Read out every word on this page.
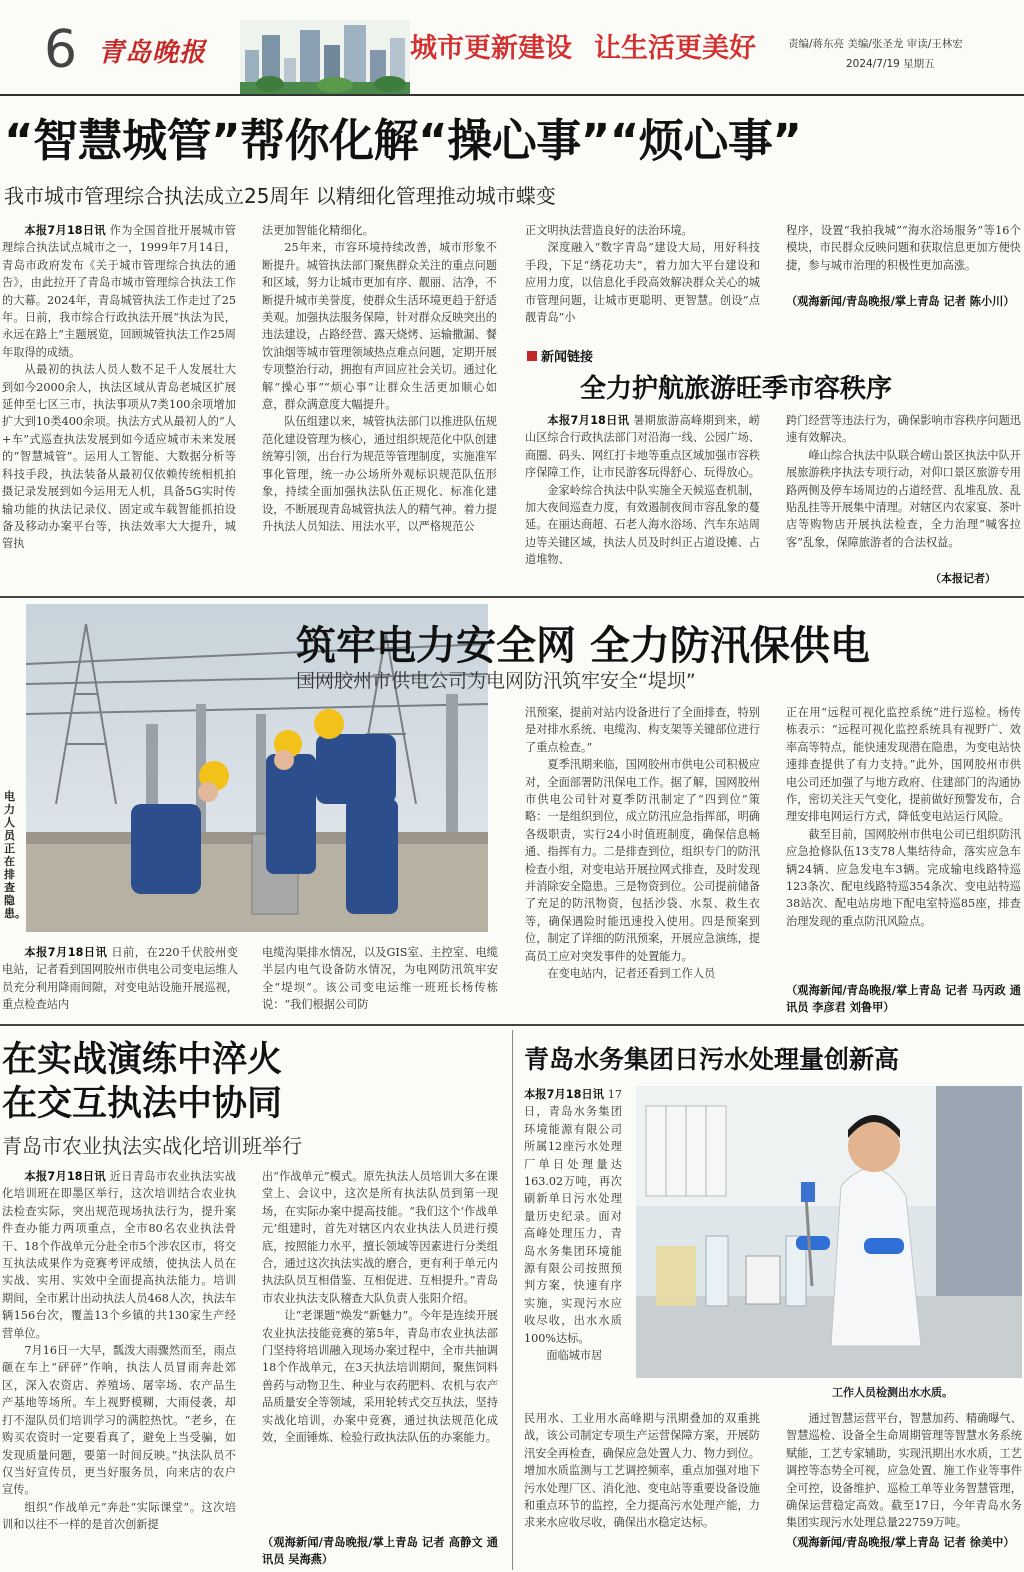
6 青岛晚报	城市更新建设 让生活更美好	责编/蒋东亮 美编/张圣龙 审读/王林宏
2024/7/19 星期五
“智慧城管”帮你化解“操心事”“烦心事”
我市城市管理综合执法成立25周年 以精细化管理推动城市蝶变

本报7月18日讯 作为全国首批开展城市管理综合执法试点城市之一，1999年7月14日，青岛市政府发布《关于城市管理综合执法的通告》，由此拉开了青岛市城市管理综合执法工作的大幕。2024年，青岛城管执法工作走过了25年。日前，我市综合行政执法开展“执法为民，永远在路上”主题展览，回顾城管执法工作25周年取得的成绩。

从最初的执法人员人数不足千人发展壮大到如今2000余人，执法区域从青岛老城区扩展延伸至七区三市，执法事项从7类100余项增加扩大到10类400余项。执法方式从最初人的“人+车”式巡查执法发展到如今适应城市未来发展的“智慧城管”。运用人工智能、大数据分析等科技手段，执法装备从最初仅依赖传统相机拍摄记录发展到如今运用无人机，具备5G实时传输功能的执法记录仪、固定或车载智能抓拍设备及移动办案平台等，执法效率大大提升，城管执

法更加智能化精细化。

25年来，市容环境持续改善，城市形象不断提升。城管执法部门聚焦群众关注的重点问题和区域，努力让城市更加有序、靓丽、洁净，不断提升城市美誉度，使群众生活环境更趋于舒适美观。加强执法服务保障，针对群众反映突出的违法建设，占路经营、露天烧烤、运输撒漏、餐饮油烟等城市管理领域热点难点问题，定期开展专项整治行动，拥抱有声回应社会关切。通过化解“操心事”“烦心事”让群众生活更加顺心如意，群众满意度大幅提升。

队伍组建以来，城管执法部门以推进队伍规范化建设管理为核心，通过组织规范化中队创建统筹引领，出台行为规范等管理制度，实施准军事化管理，统一办公场所外观标识规范队伍形象，持续全面加强执法队伍正规化、标准化建设，不断展现青岛城管执法人的精气神。着力提升执法人员知法、用法水平，以严格规范公

正文明执法营造良好的法治环境。

深度融入“数字青岛”建设大局，用好科技手段，下足“绣花功夫”，着力加大平台建设和应用力度，以信息化手段高效解决群众关心的城市管理问题，让城市更聪明、更智慧。创设“点靓青岛”小

程序，设置“我拍我城”“海水浴场服务”等16个模块，市民群众反映问题和获取信息更加方便快捷，参与城市治理的积极性更加高涨。

（观海新闻/青岛晚报/掌上青岛 记者 陈小川）
新闻链接
全力护航旅游旺季市容秩序

本报7月18日讯 暑期旅游高峰期到来，崂山区综合行政执法部门对沿海一线、公园广场、商圈、码头、网红打卡地等重点区域加强市容秩序保障工作，让市民游客玩得舒心、玩得放心。

金家岭综合执法中队实施全天候巡查机制，加大夜间巡查力度，有效遏制夜间市容乱象的蔓延。在丽达商超、石老人海水浴场、汽车东站周边等关键区域，执法人员及时纠正占道设摊、占道堆物、

跨门经营等违法行为，确保影响市容秩序问题迅速有效解决。

峰山综合执法中队联合崂山景区执法中队开展旅游秩序执法专项行动，对仰口景区旅游专用路两侧及停车场周边的占道经营、乱堆乱放、乱贴乱挂等开展集中清理。对辖区内农家宴、茶叶店等购物店开展执法检查，全力治理“喊客拉客”乱象，保障旅游者的合法权益。

（本报记者）
电力人员正在排查隐患。
筑牢电力安全网 全力防汛保供电
国网胶州市供电公司为电网防汛筑牢安全“堤坝”

本报7月18日讯 日前，在220千伏胶州变电站，记者看到国网胶州市供电公司变电运维人员充分利用降雨间隙，对变电站设施开展巡视，重点检查站内

电缆沟渠排水情况，以及GIS室、主控室、电缆半层内电气设备防水情况，为电网防汛筑牢安全“堤坝”。该公司变电运维一班班长杨传栋说：“我们根据公司防

汛预案，提前对站内设备进行了全面排查，特别是对排水系统、电缆沟、构支架等关键部位进行了重点检查。”

夏季汛期来临，国网胶州市供电公司积极应对，全面部署防汛保电工作。据了解，国网胶州市供电公司针对夏季防汛制定了“四到位”策略：一是组织到位，成立防汛应急指挥部，明确各级职责，实行24小时值班制度，确保信息畅通、指挥有力。二是排查到位，组织专门的防汛检查小组，对变电站开展拉网式排查，及时发现并消除安全隐患。三是物资到位。公司提前储备了充足的防汛物资，包括沙袋、水泵、救生衣等，确保遇险时能迅速投入使用。四是预案到位，制定了详细的防汛预案，开展应急演练，提高员工应对突发事件的处置能力。

在变电站内，记者还看到工作人员

正在用“远程可视化监控系统”进行巡检。杨传栋表示：“远程可视化监控系统具有视野广、效率高等特点，能快速发现潜在隐患，为变电站快速排查提供了有力支持。”此外，国网胶州市供电公司还加强了与地方政府、住建部门的沟通协作，密切关注天气变化，提前做好预警发布，合理安排电网运行方式，降低变电站运行风险。

截至目前，国网胶州市供电公司已组织防汛应急抢修队伍13支78人集结待命，落实应急车辆24辆、应急发电车3辆。完成输电线路特巡123条次、配电线路特巡354条次、变电站特巡38站次、配电站房地下配电室特巡85座，排查治理发现的重点防汛风险点。

（观海新闻/青岛晚报/掌上青岛 记者 马丙政 通讯员 李彦君 刘鲁甲）
在实战演练中淬火
在交互执法中协同
青岛市农业执法实战化培训班举行

本报7月18日讯 近日青岛市农业执法实战化培训班在即墨区举行，这次培训结合农业执法检查实际，突出规范现场执法行为，提升案件查办能力两项重点，全市80名农业执法骨干、18个作战单元分赴全市5个涉农区市，将交互执法成果作为竞赛考评成绩，使执法人员在实战、实用、实效中全面提高执法能力。培训期间，全市累计出动执法人员468人次，执法车辆156台次，覆盖13个乡镇的共130家生产经营单位。

7月16日一大早，瓢泼大雨骤然而至，雨点砸在车上“砰砰”作响，执法人员冒雨奔赴郊区，深入农资店、养殖场、屠宰场、农产品生产基地等场所。车上视野模糊，大雨侵袭，却打不湿队员们培训学习的满腔热忱。“老乡，在购买农资时一定要看真了，避免上当受骗，如发现质量问题，要第一时间反映。”执法队员不仅当好宣传员，更当好服务员，向来店的农户宣传。

组织“作战单元”奔赴“实际课堂”。这次培训和以往不一样的是首次创新提

出“作战单元”模式。原先执法人员培训大多在课堂上、会议中，这次是所有执法队员到第一现场，在实际办案中提高技能。“我们这个‘作战单元’组建时，首先对辖区内农业执法人员进行摸底，按照能力水平，擅长领域等因素进行分类组合，通过这次执法实战的磨合，更有利于单元内执法队员互相借鉴、互相促进、互相提升。”青岛市农业执法支队稽查大队负责人张阳介绍。

让“老课题”焕发“新魅力”。今年是连续开展农业执法技能竞赛的第5年，青岛市农业执法部门坚持将培训融入现场办案过程中，全市共抽调18个作战单元，在3天执法培训期间，聚焦饲料兽药与动物卫生、种业与农药肥料、农机与农产品质量安全等领域，采用轮转式交互执法，坚持实战化培训，办案中竞赛，通过执法规范化成效，全面锤炼、检验行政执法队伍的办案能力。

（观海新闻/青岛晚报/掌上青岛 记者 高静文 通讯员 吴海燕）
青岛水务集团日污水处理量创新高

本报7月18日讯 17日，青岛水务集团环境能源有限公司所属12座污水处理厂单日处理量达163.02万吨，再次刷新单日污水处理量历史纪录。面对高峰处理压力，青岛水务集团环境能源有限公司按照预判方案，快速有序实施，实现污水应收尽收，出水水质100%达标。

面临城市居

工作人员检测出水水质。

民用水、工业用水高峰期与汛期叠加的双重挑战，该公司制定专项生产运营保障方案，开展防汛安全再检查，确保应急处置人力、物力到位。增加水质监测与工艺调控频率，重点加强对地下污水处理厂区、消化池、变电站等重要设备设施和重点环节的监控，全力提高污水处理产能，力求来水应收尽收，确保出水稳定达标。

通过智慧运营平台，智慧加药、精确曝气、智慧巡检、设备全生命周期管理等智慧水务系统赋能，工艺专家辅助，实现汛期出水水质，工艺调控等态势全可视，应急处置、施工作业等事件全可控，设备维护、巡检工单等业务智慧管理，确保运营稳定高效。截至17日，今年青岛水务集团实现污水处理总量22759万吨。

（观海新闻/青岛晚报/掌上青岛 记者 徐美中）
